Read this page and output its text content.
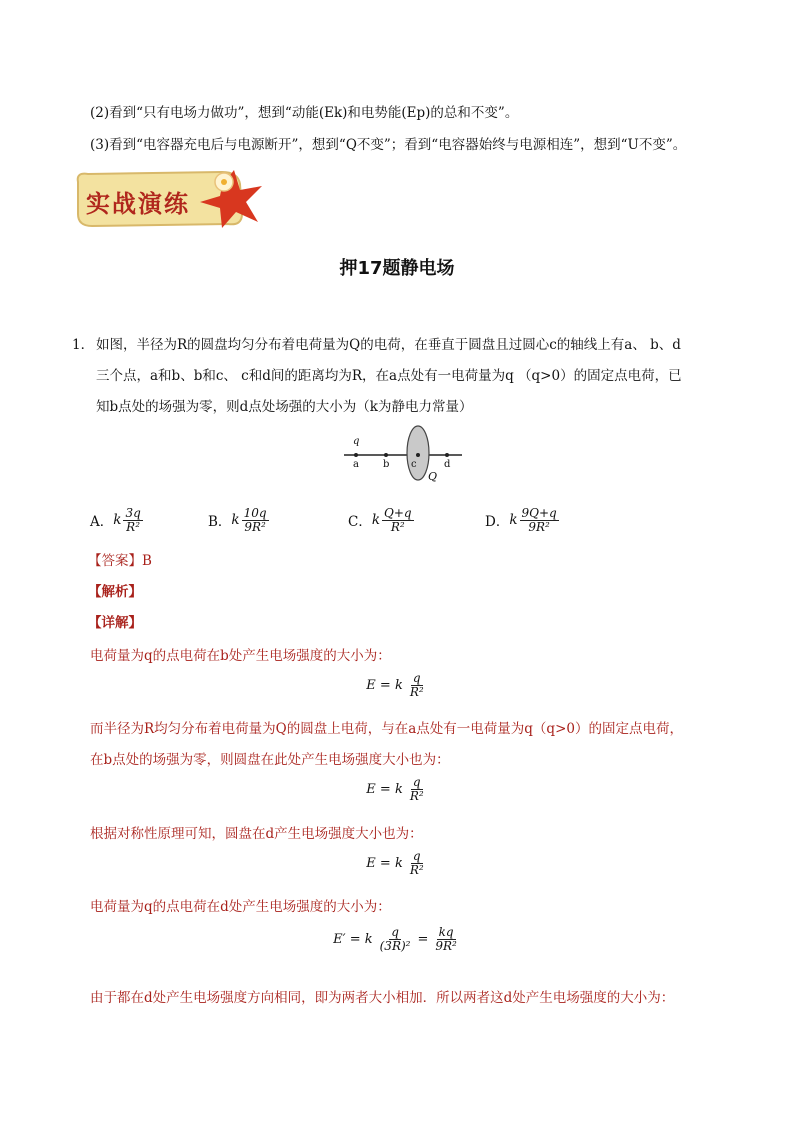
(2)看到“只有电场力做功”，想到“动能(Ek)和电势能(Ep)的总和不变”。
(3)看到“电容器充电后与电源断开”，想到“Q不变”；看到“电容器始终与电源相连”，想到“U不变”。
实战演练
押17题静电场
1． 如图，半径为R的圆盘均匀分布着电荷量为Q的电荷，在垂直于圆盘且过圆心c的轴线上有a、 b、d
三个点，a和b、b和c、 c和d间的距离均为R，在a点处有一电荷量为q （q>0）的固定点电荷，已
知b点处的场强为零，则d点处场强的大小为（k为静电力常量）
q
a b c	d
Q
A． k $\frac{3q}{\text{R²}}$	B． k $\frac{10q}{\text{9R²}}$	C． k $\frac{Q+q}{\text{R²}}$	D． k $\frac{9Q+q}{\text{9R²}}$
【答案】B
【解析】
【详解】
电荷量为q的点电荷在b处产生电场强度的大小为：
E = k $\frac{q}{\text{R²}}$
而半径为R均匀分布着电荷量为Q的圆盘上电荷，与在a点处有一电荷量为q（q>0）的固定点电荷，
在b点处的场强为零，则圆盘在此处产生电场强度大小也为：
E = k $\frac{q}{\text{R²}}$
根据对称性原理可知，圆盘在d产生电场强度大小也为：
E = k $\frac{q}{\text{R²}}$
电荷量为q的点电荷在d处产生电场强度的大小为：
E′ = k $\frac{q}{\text{(3R)²}} = \frac{kq}{\text{9R²}}$
由于都在d处产生电场强度方向相同，即为两者大小相加．所以两者这d处产生电场强度的大小为：
